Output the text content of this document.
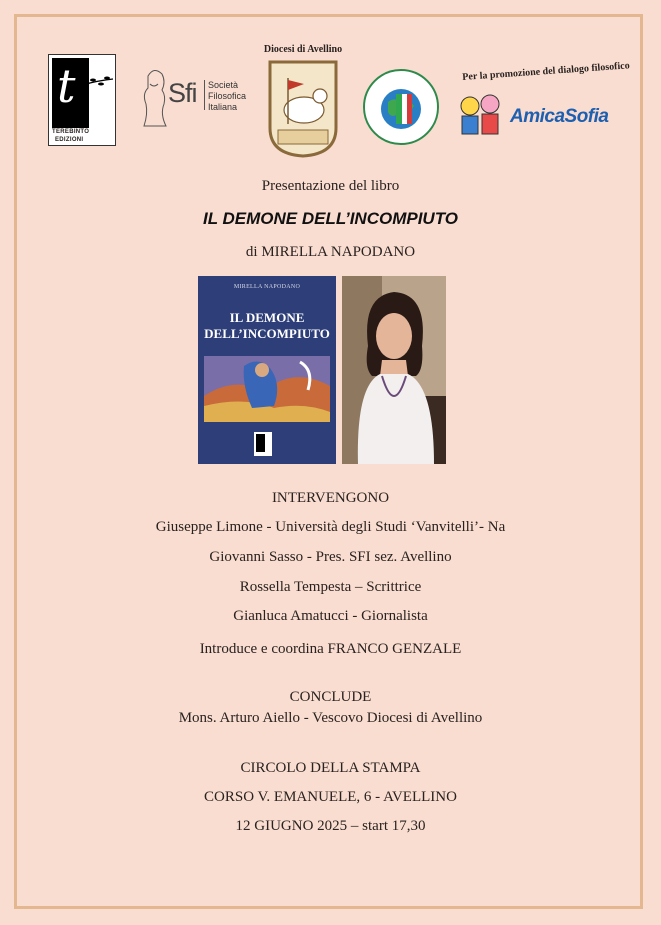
t
TEREBINTO
EDIZIONI
Sfi Società
Filosofica
Italiana
Diocesi di Avellino
Per la promozione del dialogo filosofico
AmicaSofia
Presentazione del libro
IL DEMONE DELL’INCOMPIUTO
di MIRELLA NAPODANO
MIRELLA NAPODANO
IL DEMONE
DELL’INCOMPIUTO
INTERVENGONO
Giuseppe Limone - Università degli Studi ‘Vanvitelli’- Na
Giovanni Sasso - Pres. SFI sez. Avellino
Rossella Tempesta – Scrittrice
Gianluca Amatucci - Giornalista
Introduce e coordina FRANCO GENZALE
CONCLUDE
Mons. Arturo Aiello - Vescovo Diocesi di Avellino
CIRCOLO DELLA STAMPA
CORSO V. EMANUELE, 6 - AVELLINO
12 GIUGNO 2025 – start 17,30
